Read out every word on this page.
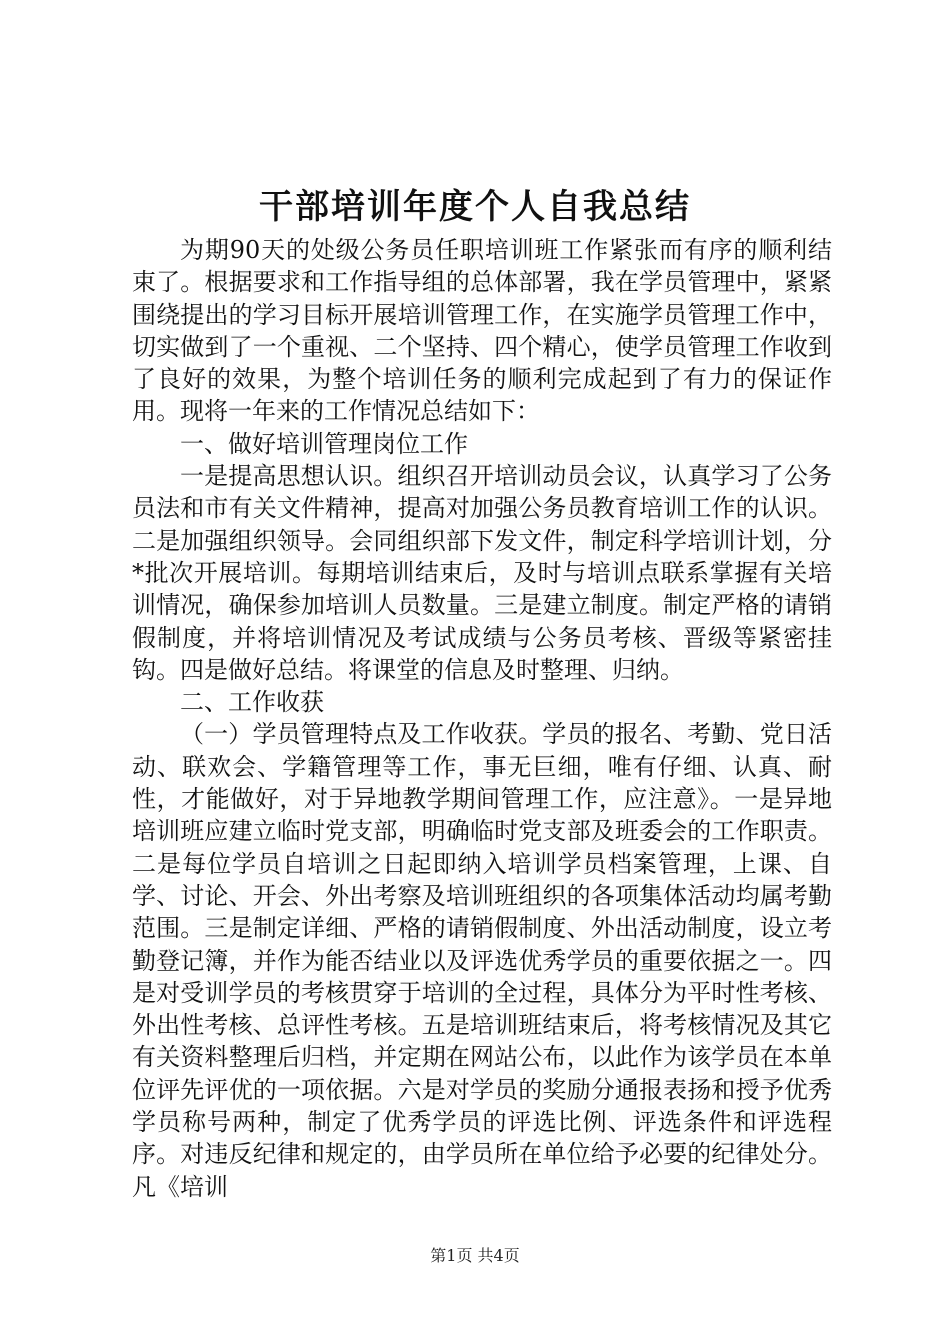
干部培训年度个人自我总结

为期90天的处级公务员任职培训班工作紧张而有序的顺利结束了。根据要求和工作指导组的总体部署，我在学员管理中，紧紧围绕提出的学习目标开展培训管理工作，在实施学员管理工作中，切实做到了一个重视、二个坚持、四个精心，使学员管理工作收到了良好的效果，为整个培训任务的顺利完成起到了有力的保证作用。现将一年来的工作情况总结如下：

一、做好培训管理岗位工作

一是提高思想认识。组织召开培训动员会议，认真学习了公务员法和市有关文件精神，提高对加强公务员教育培训工作的认识。二是加强组织领导。会同组织部下发文件，制定科学培训计划，分*批次开展培训。每期培训结束后，及时与培训点联系掌握有关培训情况，确保参加培训人员数量。三是建立制度。制定严格的请销假制度，并将培训情况及考试成绩与公务员考核、晋级等紧密挂钩。四是做好总结。将课堂的信息及时整理、归纳。

二、工作收获

（一）学员管理特点及工作收获。学员的报名、考勤、党日活动、联欢会、学籍管理等工作，事无巨细，唯有仔细、认真、耐性，才能做好，对于异地教学期间管理工作，应注意》。一是异地培训班应建立临时党支部，明确临时党支部及班委会的工作职责。二是每位学员自培训之日起即纳入培训学员档案管理，上课、自学、讨论、开会、外出考察及培训班组织的各项集体活动均属考勤范围。三是制定详细、严格的请销假制度、外出活动制度，设立考勤登记簿，并作为能否结业以及评选优秀学员的重要依据之一。四是对受训学员的考核贯穿于培训的全过程，具体分为平时性考核、外出性考核、总评性考核。五是培训班结束后，将考核情况及其它有关资料整理后归档，并定期在网站公布，以此作为该学员在本单位评先评优的一项依据。六是对学员的奖励分通报表扬和授予优秀学员称号两种，制定了优秀学员的评选比例、评选条件和评选程序。对违反纪律和规定的，由学员所在单位给予必要的纪律处分。凡《培训

第1页 共4页
